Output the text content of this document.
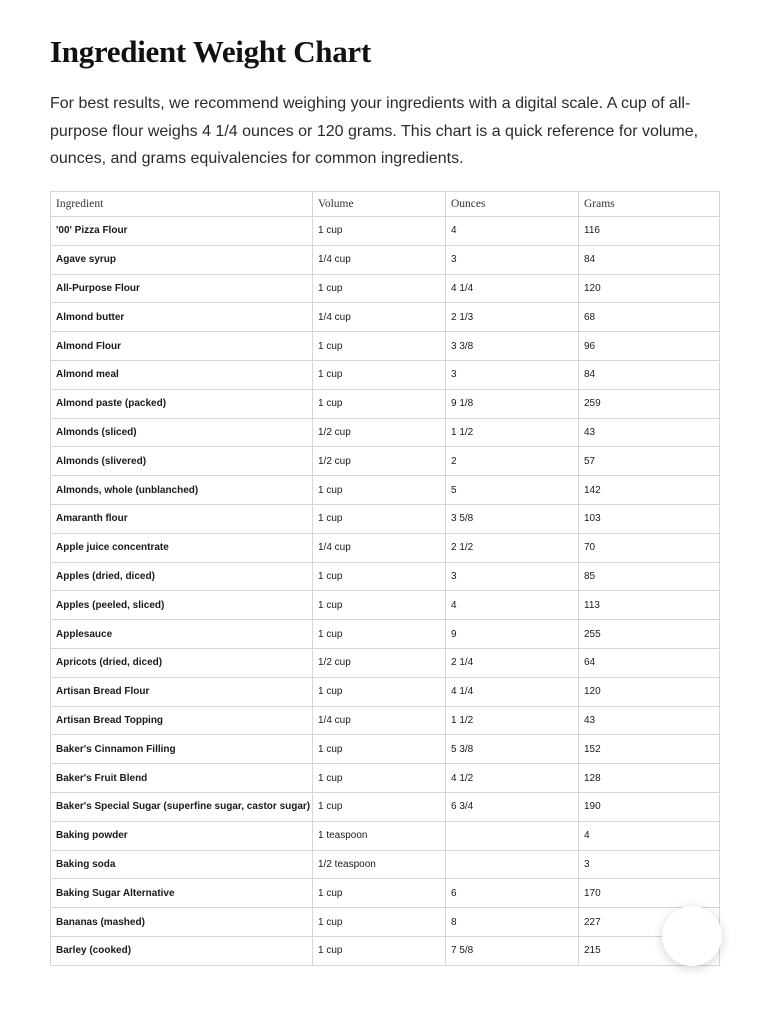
Ingredient Weight Chart

For best results, we recommend weighing your ingredients with a digital scale. A cup of all-purpose flour weighs 4 1/4 ounces or 120 grams. This chart is a quick reference for volume, ounces, and grams equivalencies for common ingredients.

Ingredient	Volume	Ounces	Grams
'00' Pizza Flour	1 cup	4	116
Agave syrup	1/4 cup	3	84
All-Purpose Flour	1 cup	4 1/4	120
Almond butter	1/4 cup	2 1/3	68
Almond Flour	1 cup	3 3/8	96
Almond meal	1 cup	3	84
Almond paste (packed)	1 cup	9 1/8	259
Almonds (sliced)	1/2 cup	1 1/2	43
Almonds (slivered)	1/2 cup	2	57
Almonds, whole (unblanched)	1 cup	5	142
Amaranth flour	1 cup	3 5/8	103
Apple juice concentrate	1/4 cup	2 1/2	70
Apples (dried, diced)	1 cup	3	85
Apples (peeled, sliced)	1 cup	4	113
Applesauce	1 cup	9	255
Apricots (dried, diced)	1/2 cup	2 1/4	64
Artisan Bread Flour	1 cup	4 1/4	120
Artisan Bread Topping	1/4 cup	1 1/2	43
Baker's Cinnamon Filling	1 cup	5 3/8	152
Baker's Fruit Blend	1 cup	4 1/2	128
Baker's Special Sugar (superfine sugar, castor sugar)	1 cup	6 3/4	190
Baking powder	1 teaspoon		4
Baking soda	1/2 teaspoon		3
Baking Sugar Alternative	1 cup	6	170
Bananas (mashed)	1 cup	8	227
Barley (cooked)	1 cup	7 5/8	215
